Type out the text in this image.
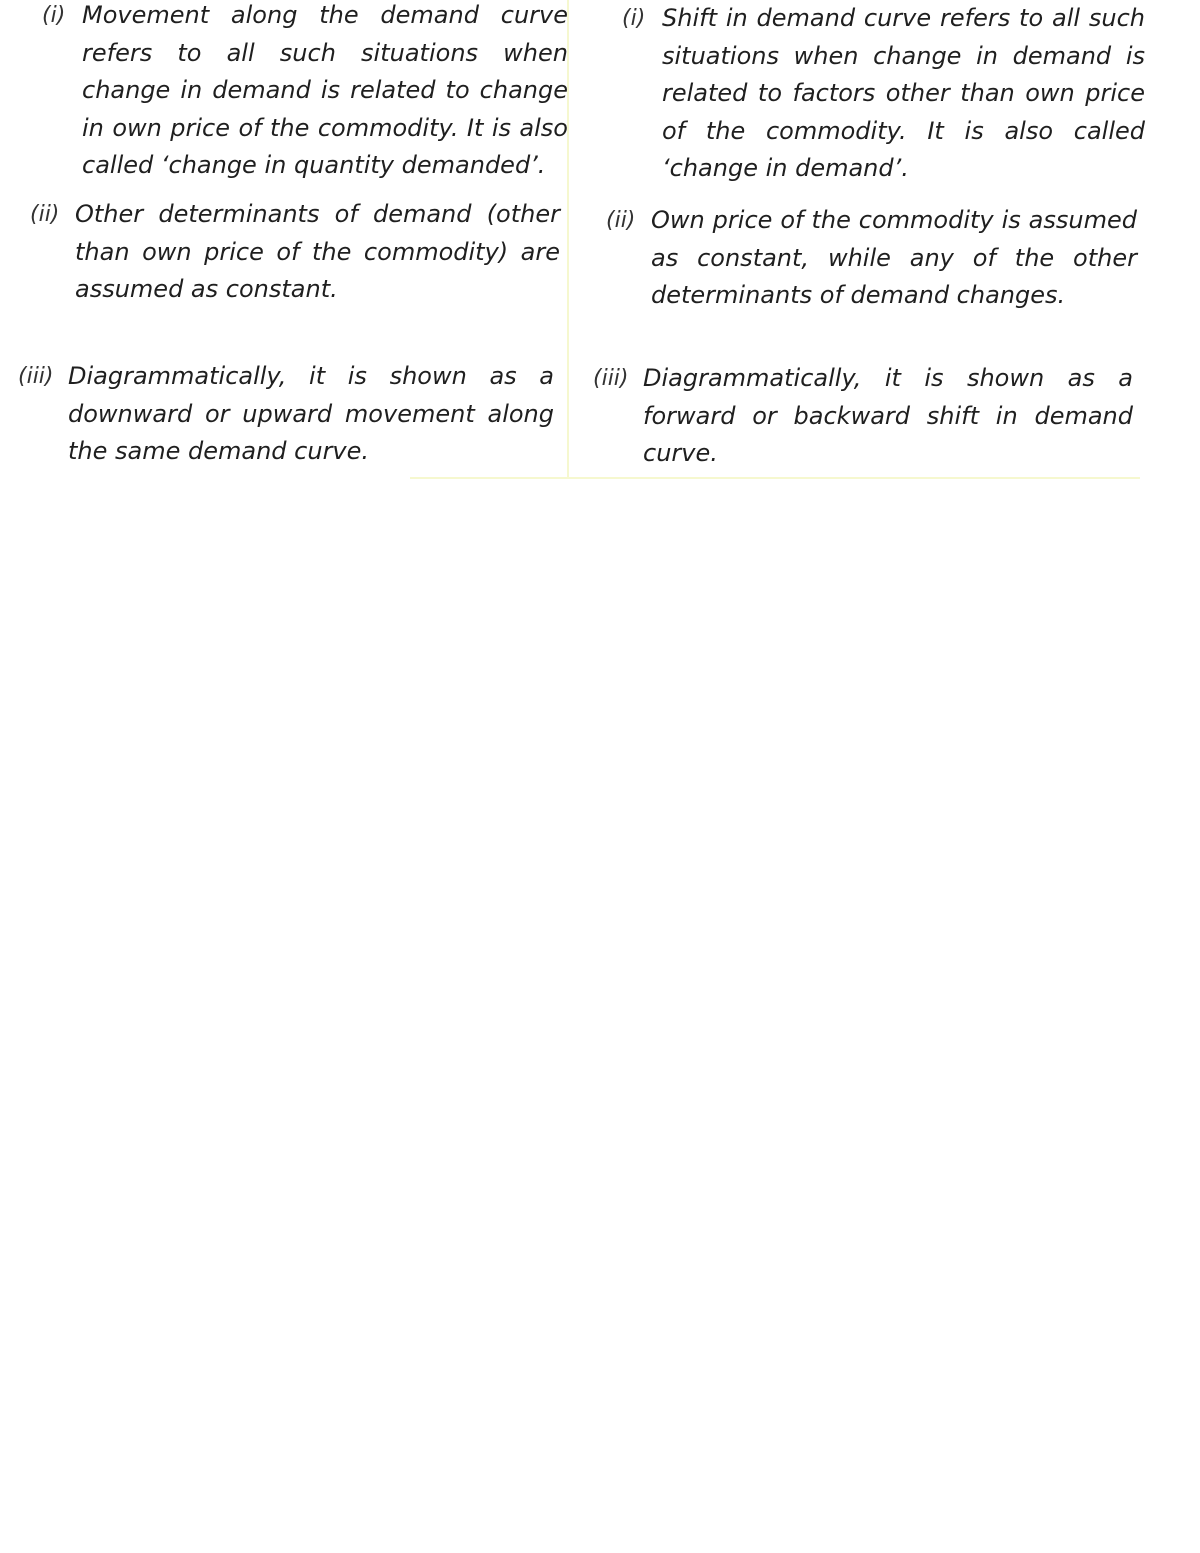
(i) Movement along the demand curve refers to all such situations when change in demand is related to change in own price of the commodity. It is also called ‘change in quantity demanded’.
(ii) Other determinants of demand (other than own price of the commodity) are assumed as constant.
(iii) Diagrammatically, it is shown as a downward or upward movement along the same demand curve.
(i) Shift in demand curve refers to all such situations when change in demand is related to factors other than own price of the commodity. It is also called ‘change in demand’.
(ii) Own price of the commodity is assumed as constant, while any of the other determinants of demand changes.
(iii) Diagrammatically, it is shown as a forward or backward shift in demand curve.
